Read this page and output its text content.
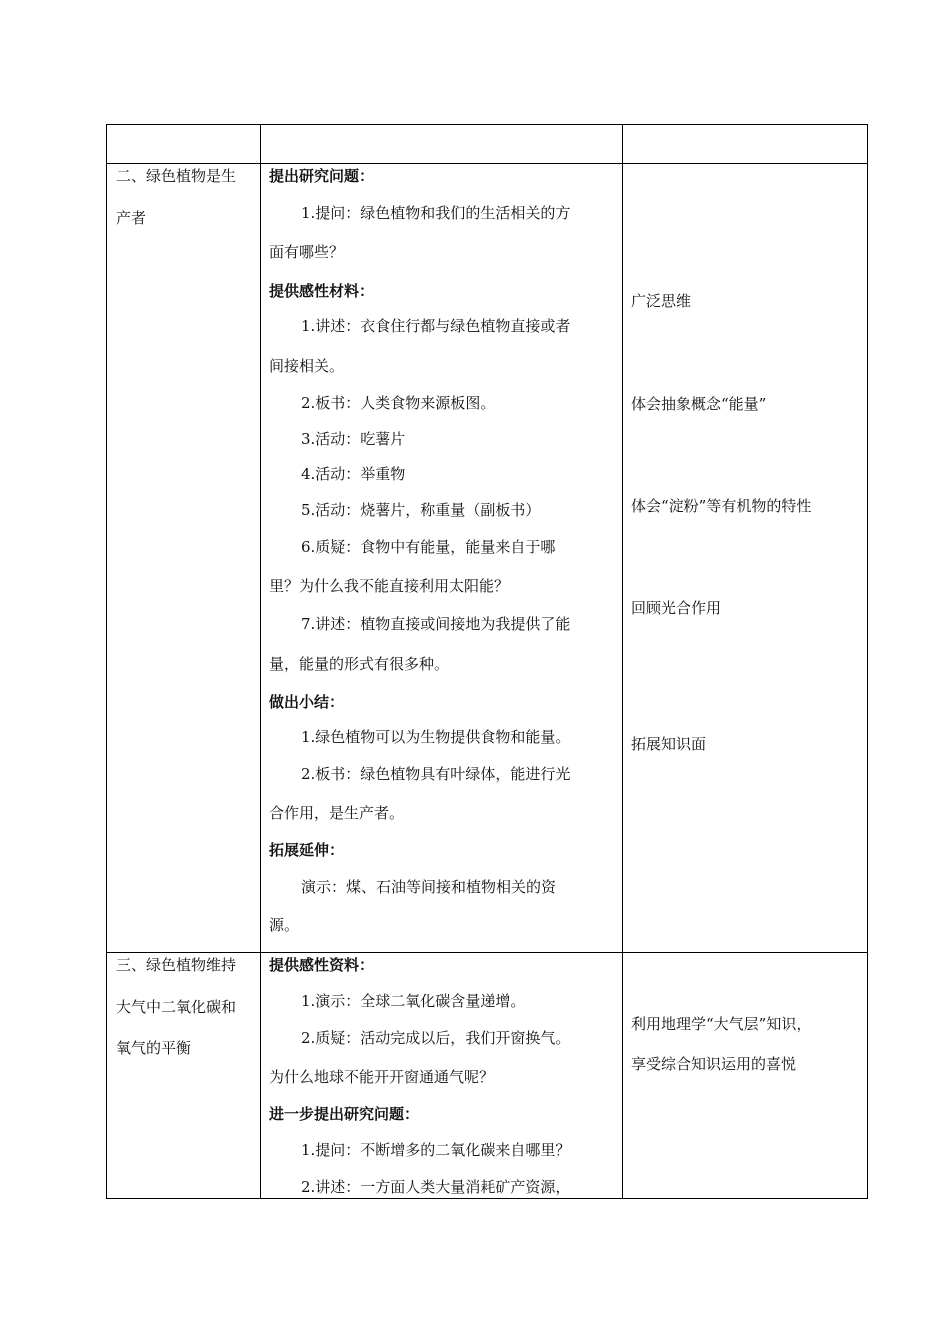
二、绿色植物是生
产者
提出研究问题：
1.提问：绿色植物和我们的生活相关的方
面有哪些？
提供感性材料：
1.讲述：衣食住行都与绿色植物直接或者
间接相关。
2.板书：人类食物来源板图。
3.活动：吃薯片
4.活动：举重物
5.活动：烧薯片，称重量（副板书）
6.质疑：食物中有能量，能量来自于哪
里？为什么我不能直接利用太阳能？
7.讲述：植物直接或间接地为我提供了能
量，能量的形式有很多种。
做出小结：
1.绿色植物可以为生物提供食物和能量。
2.板书：绿色植物具有叶绿体，能进行光
合作用，是生产者。
拓展延伸：
演示：煤、石油等间接和植物相关的资
源。
广泛思维
体会抽象概念“能量”
体会“淀粉”等有机物的特性
回顾光合作用
拓展知识面
三、绿色植物维持
大气中二氧化碳和
氧气的平衡
提供感性资料：
1.演示：全球二氧化碳含量递增。
2.质疑：活动完成以后，我们开窗换气。
为什么地球不能开开窗通通气呢？
进一步提出研究问题：
1.提问：不断增多的二氧化碳来自哪里？
2.讲述：一方面人类大量消耗矿产资源，
利用地理学“大气层”知识，
享受综合知识运用的喜悦
